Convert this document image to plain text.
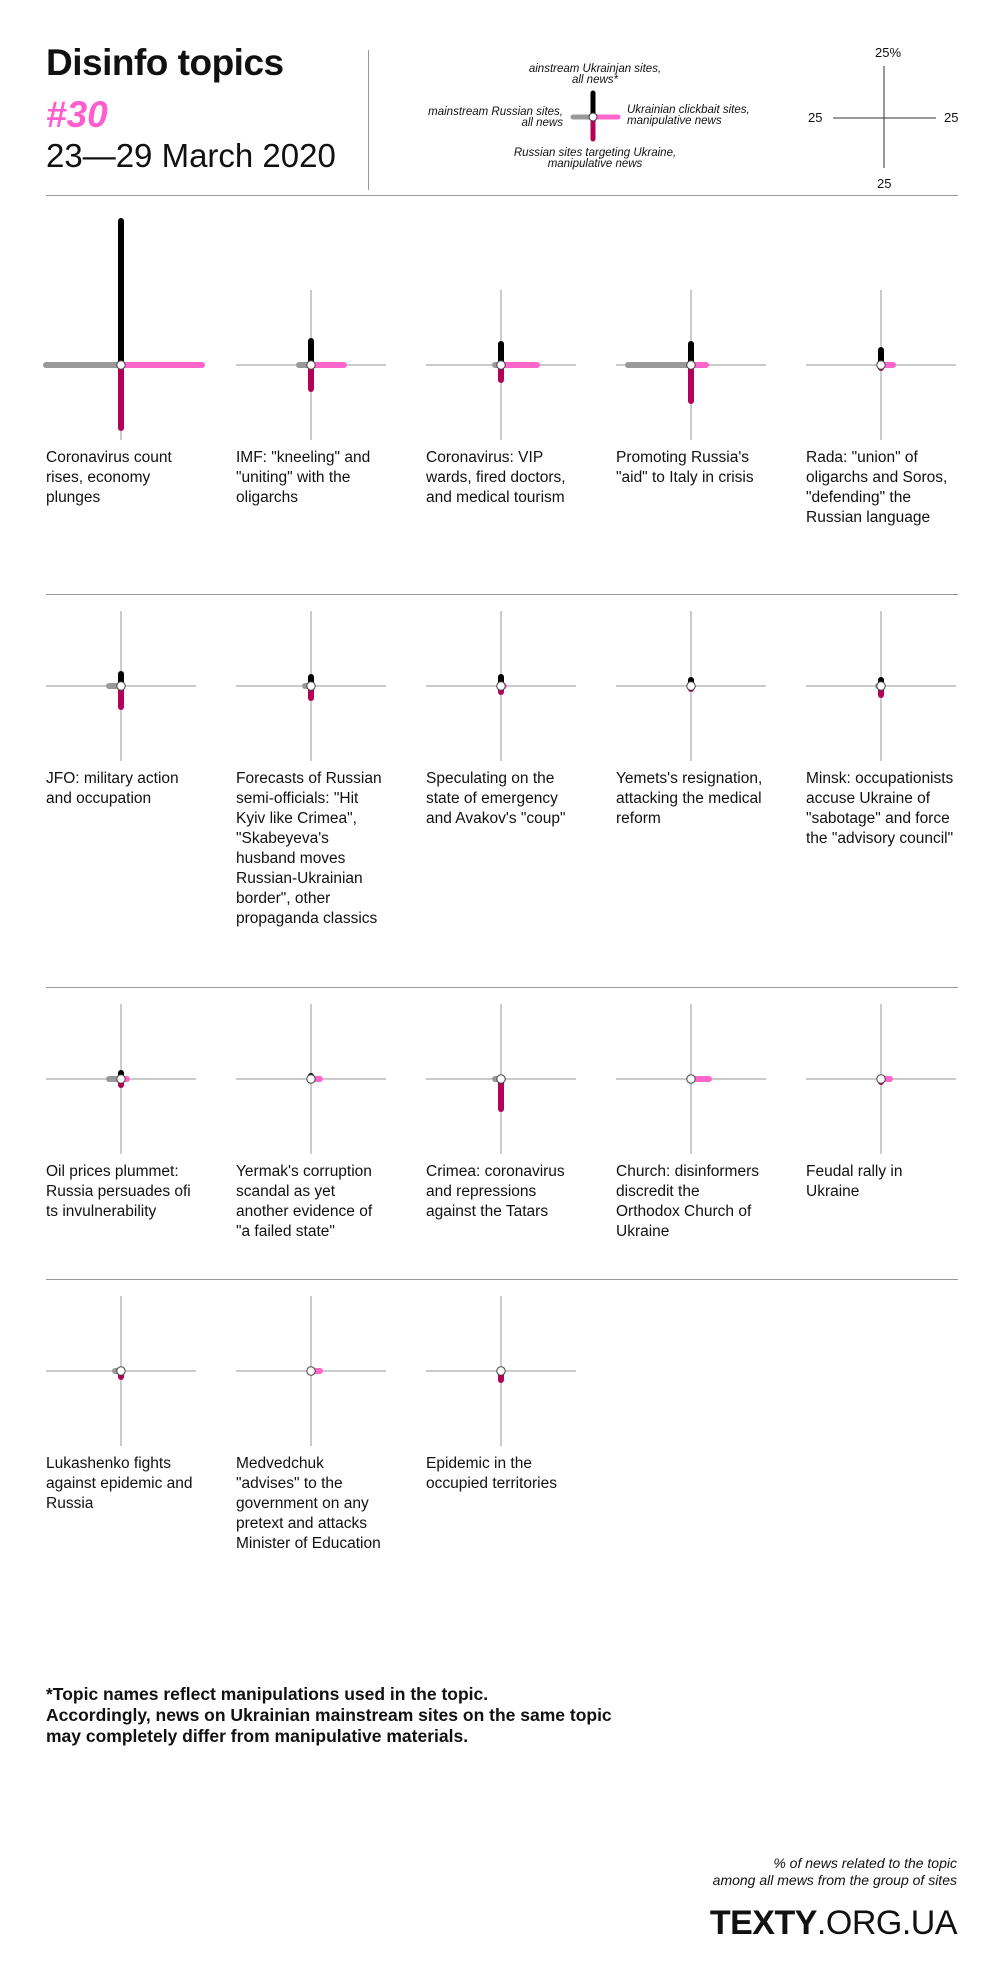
Disinfo topics
#30
23—29 March 2020
ainstream Ukrainjan sites,
all news*
mainstream Russian sites,
all news
Ukrainian clickbait sites,
manipulative news
Russian sites targeting Ukraine,
manipulative news
25%
25	25
25
Coronavirus count rises, economy plunges
IMF: "kneeling" and "uniting" with the oligarchs
Coronavirus: VIP wards, fired doctors, and medical tourism
Promoting Russia's "aid" to Italy in crisis
Rada: "union" of oligarchs and Soros, "defending" the Russian language
JFO: military action and occupation
Forecasts of Russian semi-officials: "Hit Kyiv like Crimea", "Skabeyeva's husband moves Russian-Ukrainian border", other propaganda classics
Speculating on the state of emergency and Avakov's "coup"
Yemets's resignation, attacking the medical reform
Minsk: occupationists accuse Ukraine of "sabotage" and force the "advisory council"
Oil prices plummet: Russia persuades ofi ts invulnerability
Yermak's corruption scandal as yet another evidence of "a failed state"
Crimea: coronavirus and repressions against the Tatars
Church: disinformers discredit the Orthodox Church of Ukraine
Feudal rally in Ukraine
Lukashenko fights against epidemic and Russia
Medvedchuk "advises" to the government on any pretext and attacks Minister of Education
Epidemic in the occupied territories
*Topic names reflect manipulations used in the topic.
Accordingly, news on Ukrainian mainstream sites on the same topic
may completely differ from manipulative materials.
% of news related to the topic
among all mews from the group of sites
TEXTY.ORG.UA
